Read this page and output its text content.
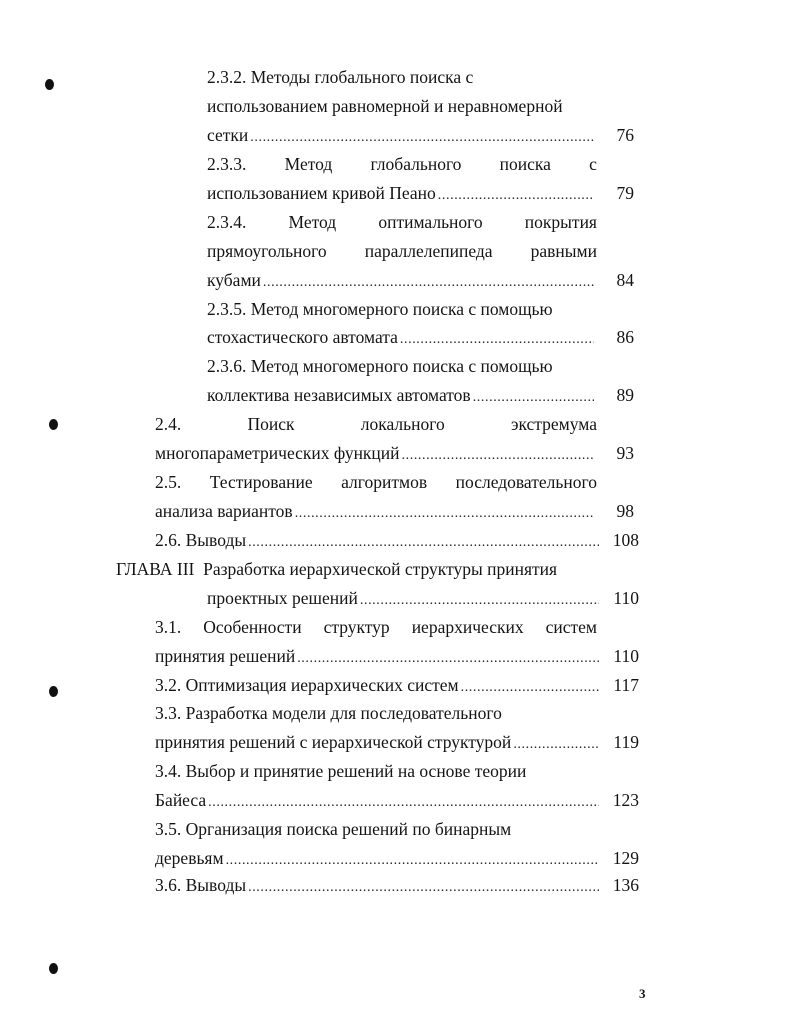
2.3.2. Методы глобального поиска с
использованием равномерной и неравномерной
сетки .....	76
2.3.3. Метод глобального поиска с
использованием кривой Пеано .....	79
2.3.4. Метод оптимального покрытия
прямоугольного параллелепипеда равными
кубами .....	84
2.3.5. Метод многомерного поиска с помощью
стохастического автомата .....	86
2.3.6. Метод многомерного поиска с помощью
коллектива независимых автоматов .....	89
2.4.	Поиск	локального	экстремума
многопараметрических функций .....	93
2.5. Тестирование алгоритмов последовательного
анализа вариантов .....	98
2.6. Выводы .....	108
ГЛАВА III  Разработка иерархической структуры принятия
проектных решений .....	110
3.1. Особенности структур иерархических систем
принятия решений .....	110
3.2. Оптимизация иерархических систем .....	117
3.3. Разработка модели для последовательного
принятия решений с иерархической структурой .....	119
3.4. Выбор и принятие решений на основе теории
Байеса .....	123
3.5. Организация поиска решений по бинарным
деревьям .....	129
3.6. Выводы .....	136
3
